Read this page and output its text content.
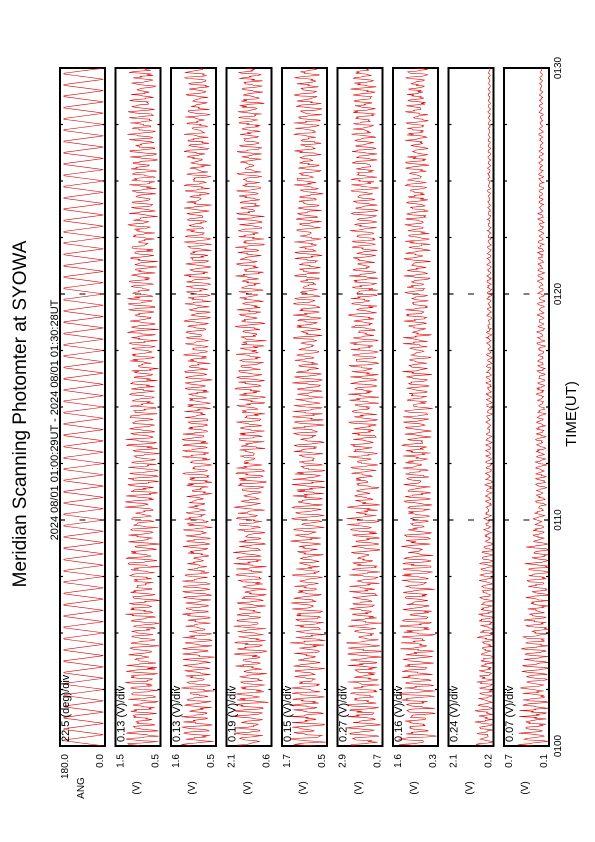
Meridian Scanning Photomter at SYOWA 2024 08/01 01:00:29UT - 2024 08/01 01:30:28UT	TIME(UT)
22.5 (deg)/div
180.0 0.0
ANG
0.13 (V)/div
1.5 0.5
(V)
0.13 (V)/div
1.6 0.5
(V)
0.19 (V)/div
2.1 0.6
(V)
0.15 (V)/div
1.7 0.5
(V)
0.27 (V)/div
2.9 0.7
(V)
0.16 (V)/div
1.6 0.3
(V)
0.24 (V)/div
2.1 0.2
(V)
0.07 (V)/div
0.7 0.1
(V)
0100
0110
0120
0130
